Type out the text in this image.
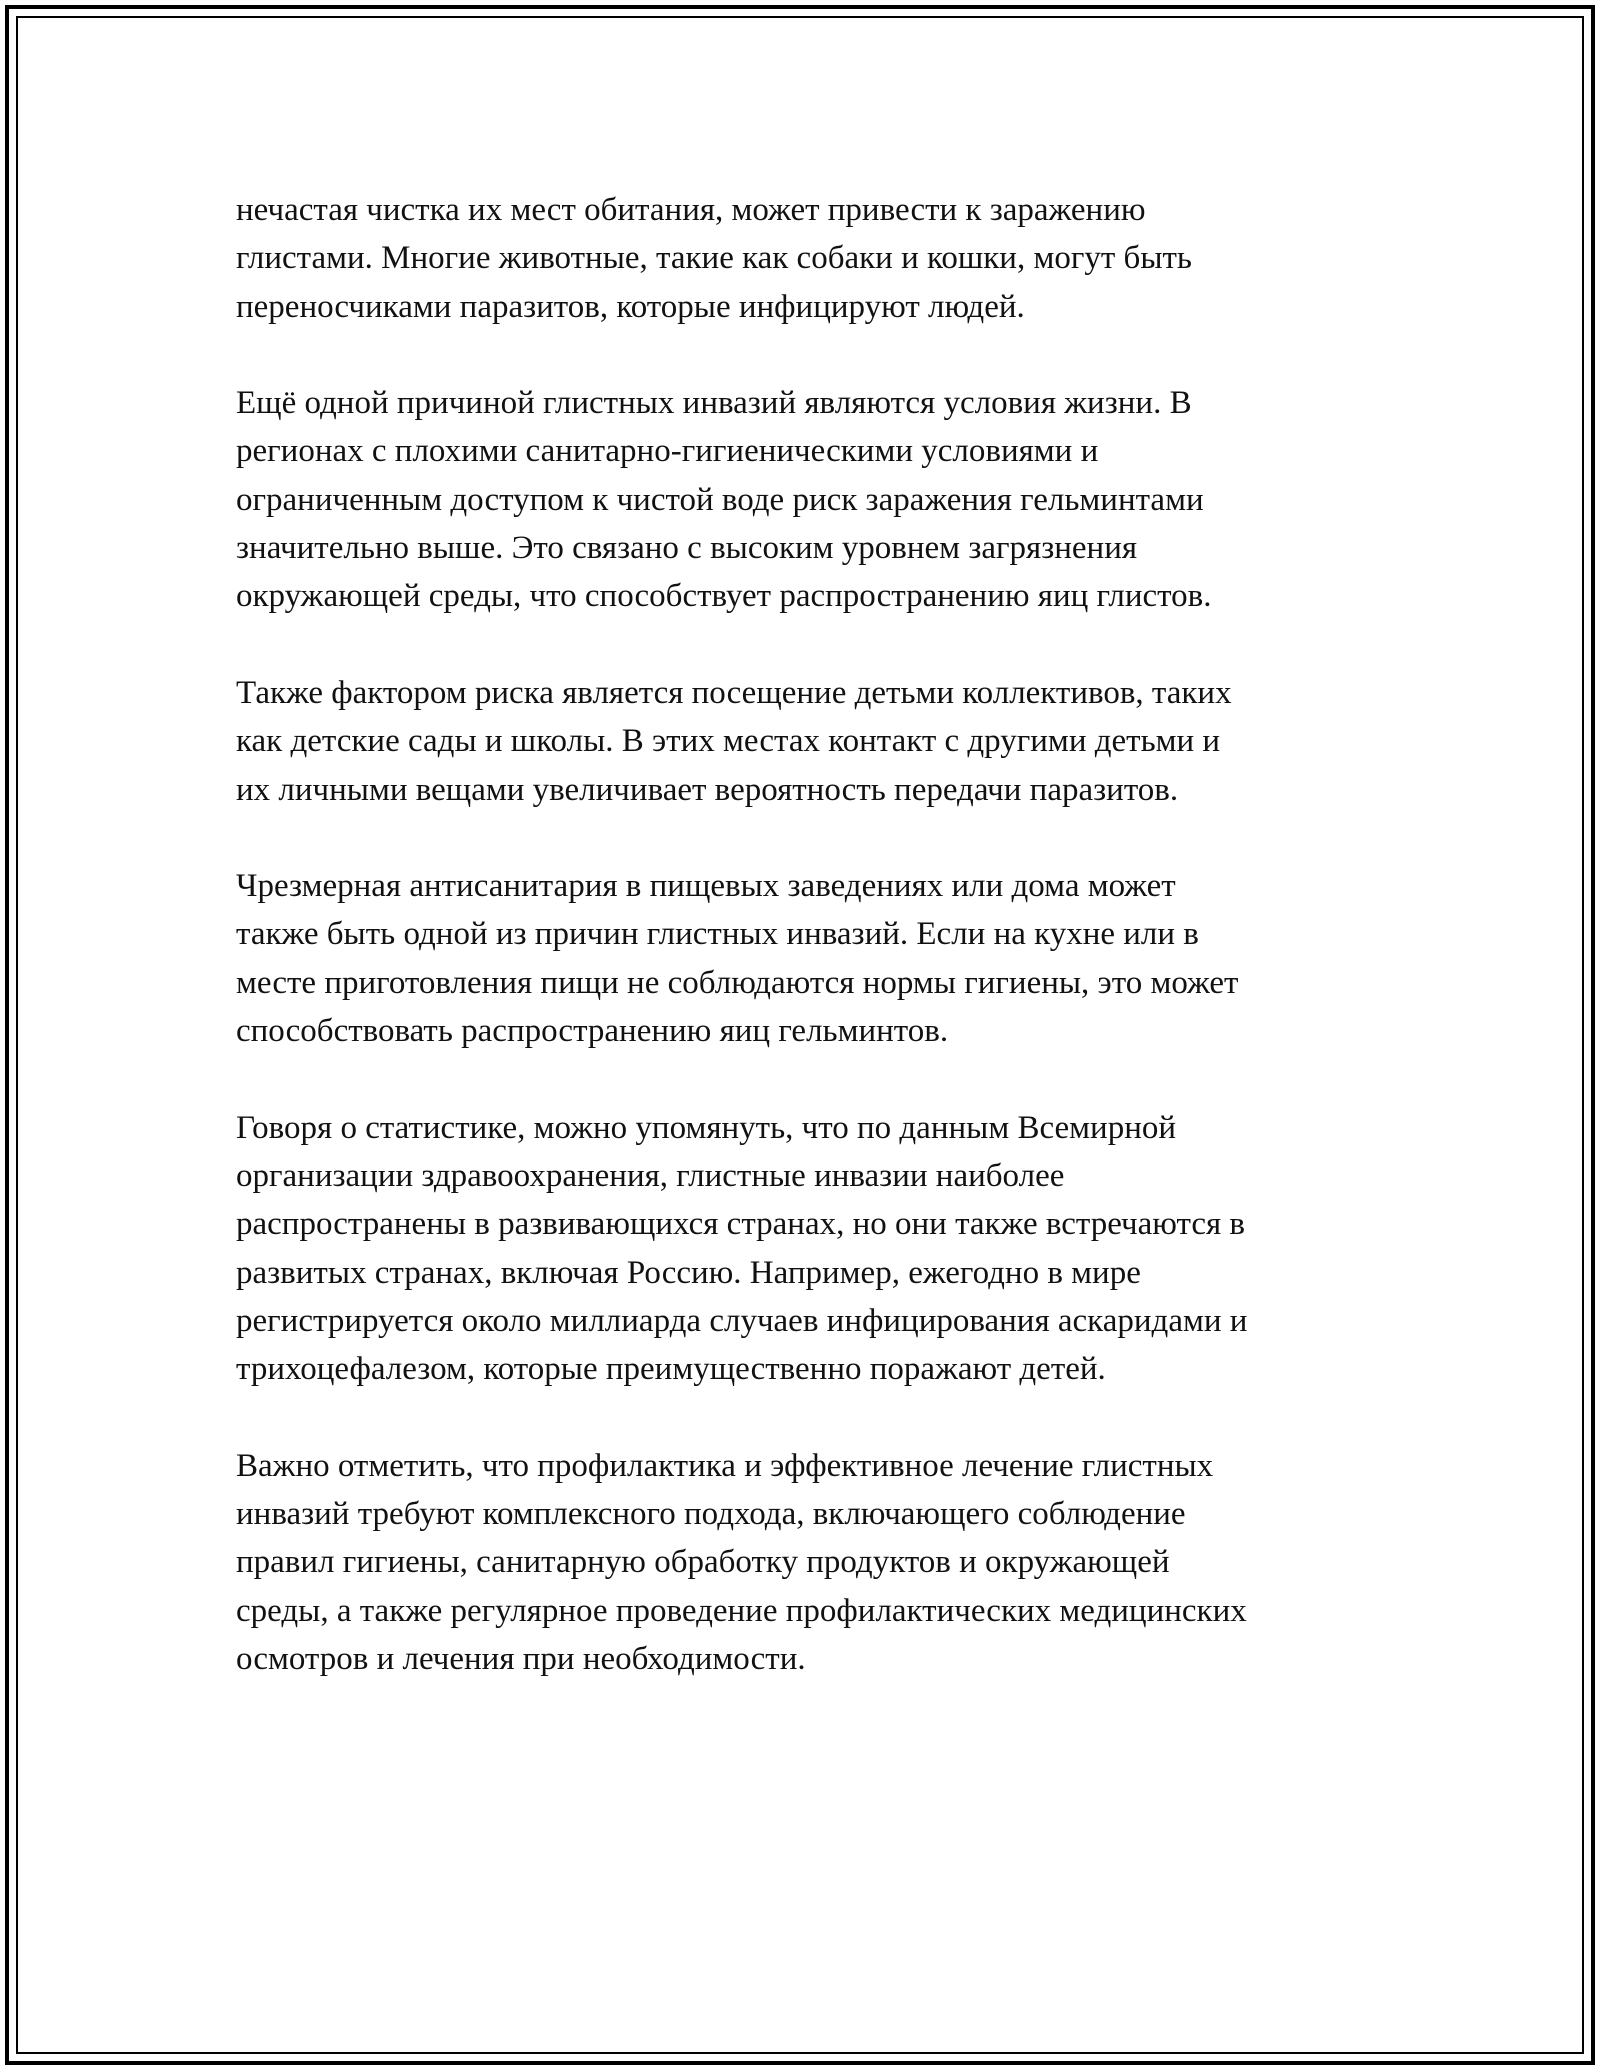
нечастая чистка их мест обитания, может привести к заражению
глистами. Многие животные, такие как собаки и кошки, могут быть
переносчиками паразитов, которые инфицируют людей.

Ещё одной причиной глистных инвазий являются условия жизни. В
регионах с плохими санитарно-гигиеническими условиями и
ограниченным доступом к чистой воде риск заражения гельминтами
значительно выше. Это связано с высоким уровнем загрязнения
окружающей среды, что способствует распространению яиц глистов.

Также фактором риска является посещение детьми коллективов, таких
как детские сады и школы. В этих местах контакт с другими детьми и
их личными вещами увеличивает вероятность передачи паразитов.

Чрезмерная антисанитария в пищевых заведениях или дома может
также быть одной из причин глистных инвазий. Если на кухне или в
месте приготовления пищи не соблюдаются нормы гигиены, это может
способствовать распространению яиц гельминтов.

Говоря о статистике, можно упомянуть, что по данным Всемирной
организации здравоохранения, глистные инвазии наиболее
распространены в развивающихся странах, но они также встречаются в
развитых странах, включая Россию. Например, ежегодно в мире
регистрируется около миллиарда случаев инфицирования аскаридами и
трихоцефалезом, которые преимущественно поражают детей.

Важно отметить, что профилактика и эффективное лечение глистных
инвазий требуют комплексного подхода, включающего соблюдение
правил гигиены, санитарную обработку продуктов и окружающей
среды, а также регулярное проведение профилактических медицинских
осмотров и лечения при необходимости.
